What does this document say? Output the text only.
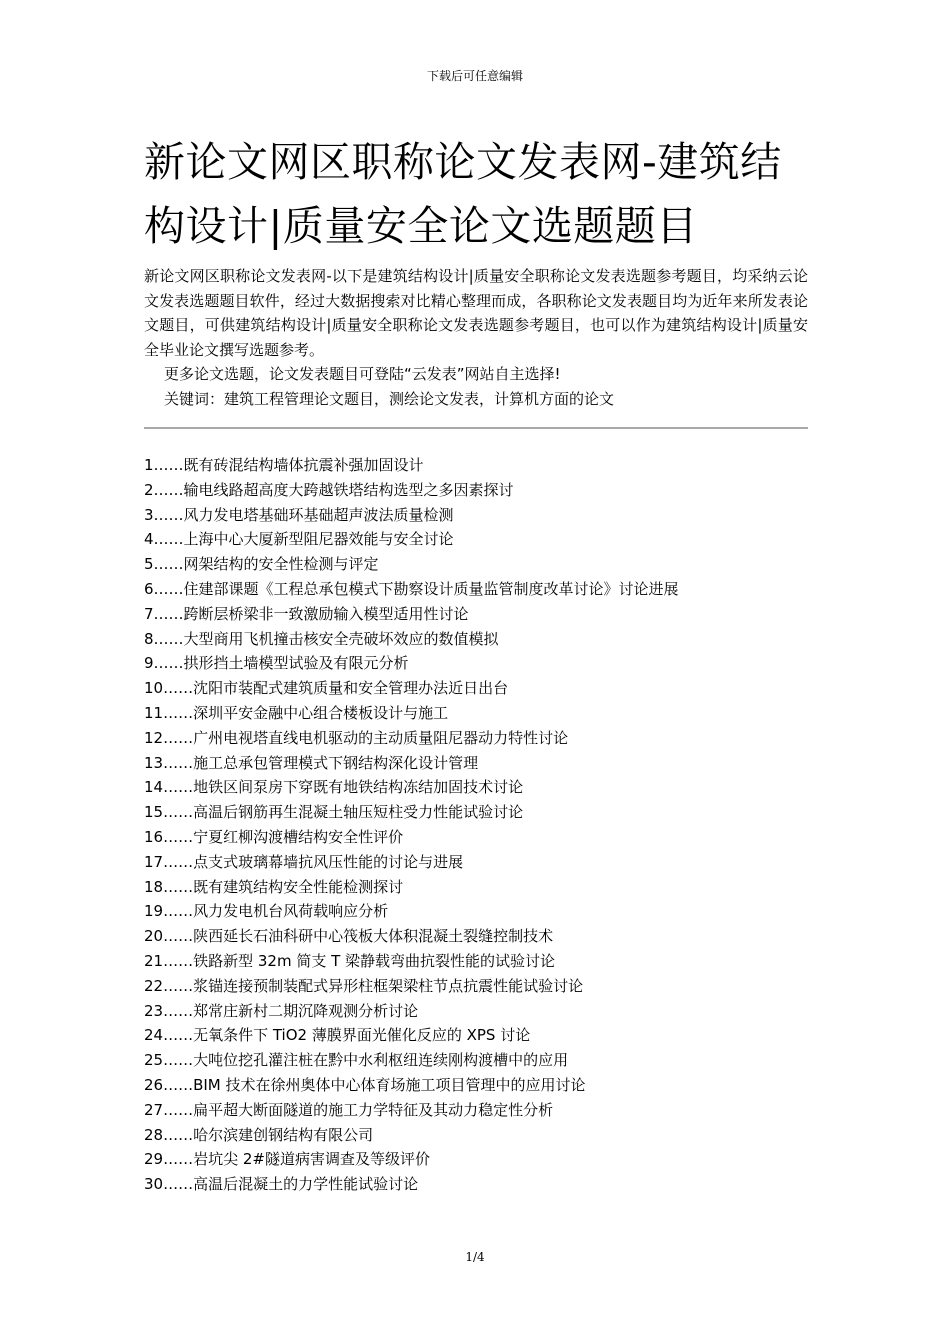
下载后可任意编辑
新论文网区职称论文发表网-建筑结构设计|质量安全论文选题题目

新论文网区职称论文发表网-以下是建筑结构设计|质量安全职称论文发表选题参考题目，均采纳云论文发表选题题目软件，经过大数据搜索对比精心整理而成，各职称论文发表题目均为近年来所发表论文题目，可供建筑结构设计|质量安全职称论文发表选题参考题目，也可以作为建筑结构设计|质量安全毕业论文撰写选题参考。

更多论文选题，论文发表题目可登陆“云发表”网站自主选择!

关键词：建筑工程管理论文题目，测绘论文发表，计算机方面的论文

1……既有砖混结构墙体抗震补强加固设计
2……输电线路超高度大跨越铁塔结构选型之多因素探讨
3……风力发电塔基础环基础超声波法质量检测
4……上海中心大厦新型阻尼器效能与安全讨论
5……网架结构的安全性检测与评定
6……住建部课题《工程总承包模式下勘察设计质量监管制度改革讨论》讨论进展
7……跨断层桥梁非一致激励输入模型适用性讨论
8……大型商用飞机撞击核安全壳破坏效应的数值模拟
9……拱形挡土墙模型试验及有限元分析
10……沈阳市装配式建筑质量和安全管理办法近日出台
11……深圳平安金融中心组合楼板设计与施工
12……广州电视塔直线电机驱动的主动质量阻尼器动力特性讨论
13……施工总承包管理模式下钢结构深化设计管理
14……地铁区间泵房下穿既有地铁结构冻结加固技术讨论
15……高温后钢筋再生混凝土轴压短柱受力性能试验讨论
16……宁夏红柳沟渡槽结构安全性评价
17……点支式玻璃幕墙抗风压性能的讨论与进展
18……既有建筑结构安全性能检测探讨
19……风力发电机台风荷载响应分析
20……陕西延长石油科研中心筏板大体积混凝土裂缝控制技术
21……铁路新型 32m 简支 T 梁静载弯曲抗裂性能的试验讨论
22……浆锚连接预制装配式异形柱框架梁柱节点抗震性能试验讨论
23……郑常庄新村二期沉降观测分析讨论
24……无氧条件下 TiO2 薄膜界面光催化反应的 XPS 讨论
25……大吨位挖孔灌注桩在黔中水利枢纽连续刚构渡槽中的应用
26……BIM 技术在徐州奥体中心体育场施工项目管理中的应用讨论
27……扁平超大断面隧道的施工力学特征及其动力稳定性分析
28……哈尔滨建创钢结构有限公司
29……岩坑尖 2#隧道病害调查及等级评价
30……高温后混凝土的力学性能试验讨论
1/4
